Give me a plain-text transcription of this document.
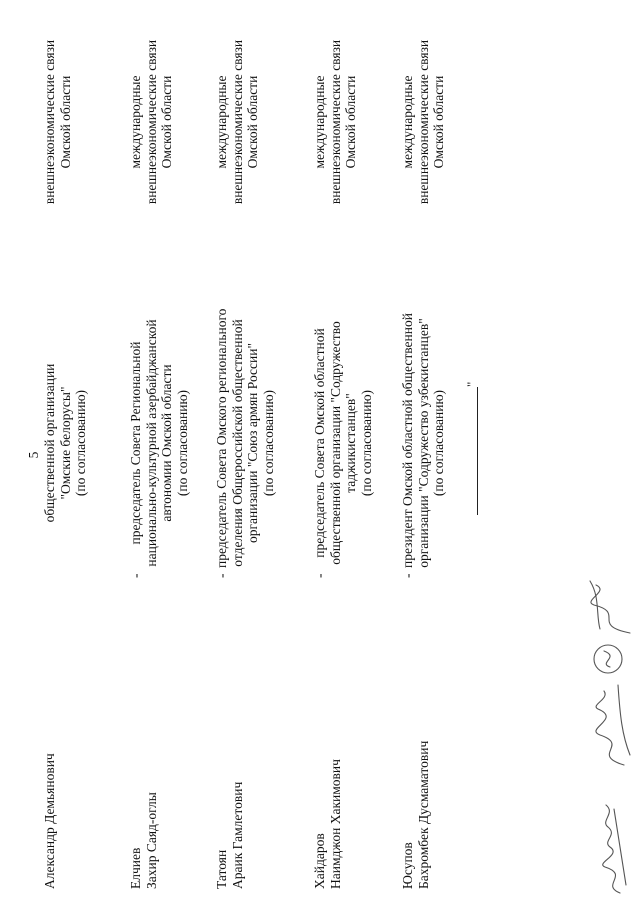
5
Александр Демьянович
общественной организации "Омские белорусы" (по согласованию)
внешнеэкономические связи Омской области
Елчиев Захир Саяд-оглы
-
председатель Совета Региональной национально-культурной азербайджанской автономии Омской области (по согласованию)
международные внешнеэкономические связи Омской области
Татоян Араик Гамлетович
-
председатель Совета Омского регионального отделения Общероссийской общественной организации "Союз армян России" (по согласованию)
международные внешнеэкономические связи Омской области
Хайдаров Наимджон Хакимович
-
председатель Совета Омской областной общественной организации "Содружество таджикистанцев" (по согласованию)
международные внешнеэкономические связи Омской области
Юсупов Бахромбек Дусмаматович
-
президент Омской областной общественной организации "Содружество узбекистанцев" (по согласованию)
международные внешнеэкономические связи Омской области
"
